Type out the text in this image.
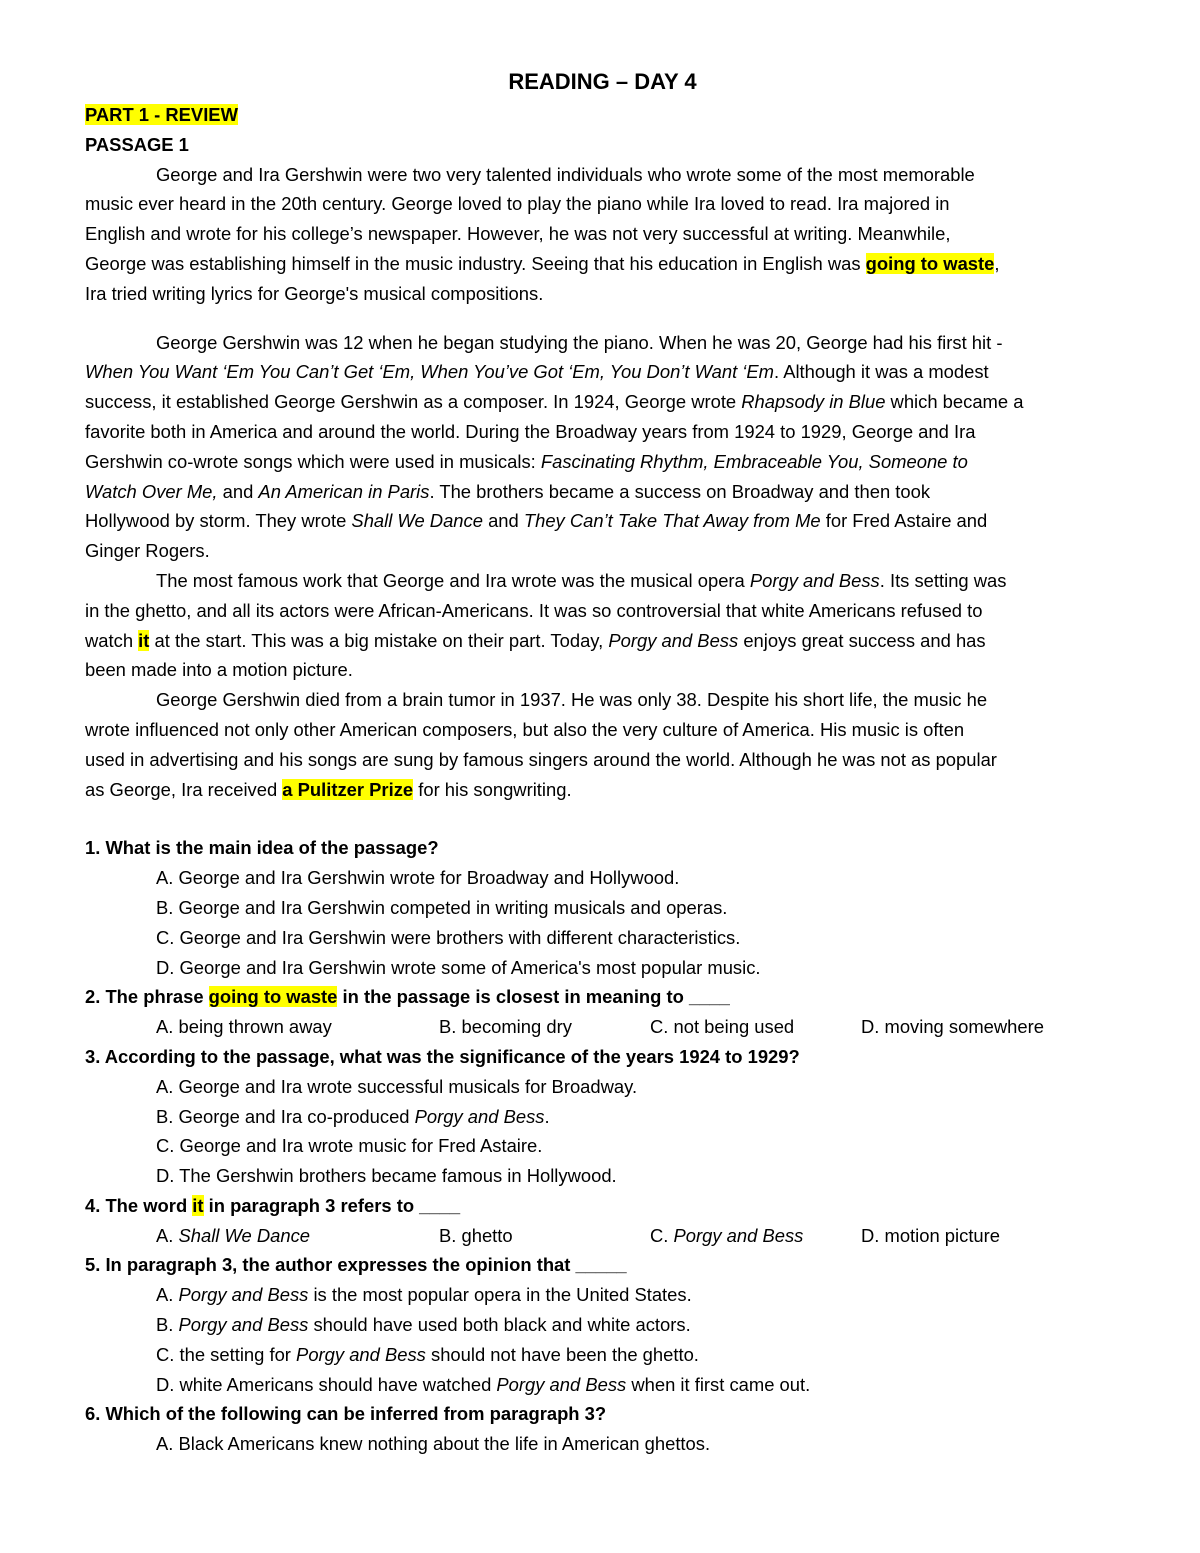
READING – DAY 4
PART 1 - REVIEW
PASSAGE 1
George and Ira Gershwin were two very talented individuals who wrote some of the most memorable
music ever heard in the 20th century. George loved to play the piano while Ira loved to read. Ira majored in
English and wrote for his college’s newspaper. However, he was not very successful at writing. Meanwhile,
George was establishing himself in the music industry. Seeing that his education in English was going to waste,
Ira tried writing lyrics for George's musical compositions.
George Gershwin was 12 when he began studying the piano. When he was 20, George had his first hit -
When You Want ‘Em You Can’t Get ‘Em, When You’ve Got ‘Em, You Don’t Want ‘Em. Although it was a modest
success, it established George Gershwin as a composer. In 1924, George wrote Rhapsody in Blue which became a
favorite both in America and around the world. During the Broadway years from 1924 to 1929, George and Ira
Gershwin co-wrote songs which were used in musicals: Fascinating Rhythm, Embraceable You, Someone to
Watch Over Me, and An American in Paris. The brothers became a success on Broadway and then took
Hollywood by storm. They wrote Shall We Dance and They Can’t Take That Away from Me for Fred Astaire and
Ginger Rogers.
The most famous work that George and Ira wrote was the musical opera Porgy and Bess. Its setting was
in the ghetto, and all its actors were African-Americans. It was so controversial that white Americans refused to
watch it at the start. This was a big mistake on their part. Today, Porgy and Bess enjoys great success and has
been made into a motion picture.
George Gershwin died from a brain tumor in 1937. He was only 38. Despite his short life, the music he
wrote influenced not only other American composers, but also the very culture of America. His music is often
used in advertising and his songs are sung by famous singers around the world. Although he was not as popular
as George, Ira received a Pulitzer Prize for his songwriting.
1. What is the main idea of the passage?
A. George and Ira Gershwin wrote for Broadway and Hollywood.
B. George and Ira Gershwin competed in writing musicals and operas.
C. George and Ira Gershwin were brothers with different characteristics.
D. George and Ira Gershwin wrote some of America's most popular music.
2. The phrase going to waste in the passage is closest in meaning to ____
A. being thrown away	B. becoming dry	C. not being used	D. moving somewhere
3. According to the passage, what was the significance of the years 1924 to 1929?
A. George and Ira wrote successful musicals for Broadway.
B. George and Ira co-produced Porgy and Bess.
C. George and Ira wrote music for Fred Astaire.
D. The Gershwin brothers became famous in Hollywood.
4. The word it in paragraph 3 refers to ____
A. Shall We Dance	B. ghetto	C. Porgy and Bess	D. motion picture
5. In paragraph 3, the author expresses the opinion that _____
A. Porgy and Bess is the most popular opera in the United States.
B. Porgy and Bess should have used both black and white actors.
C. the setting for Porgy and Bess should not have been the ghetto.
D. white Americans should have watched Porgy and Bess when it first came out.
6. Which of the following can be inferred from paragraph 3?
A. Black Americans knew nothing about the life in American ghettos.
